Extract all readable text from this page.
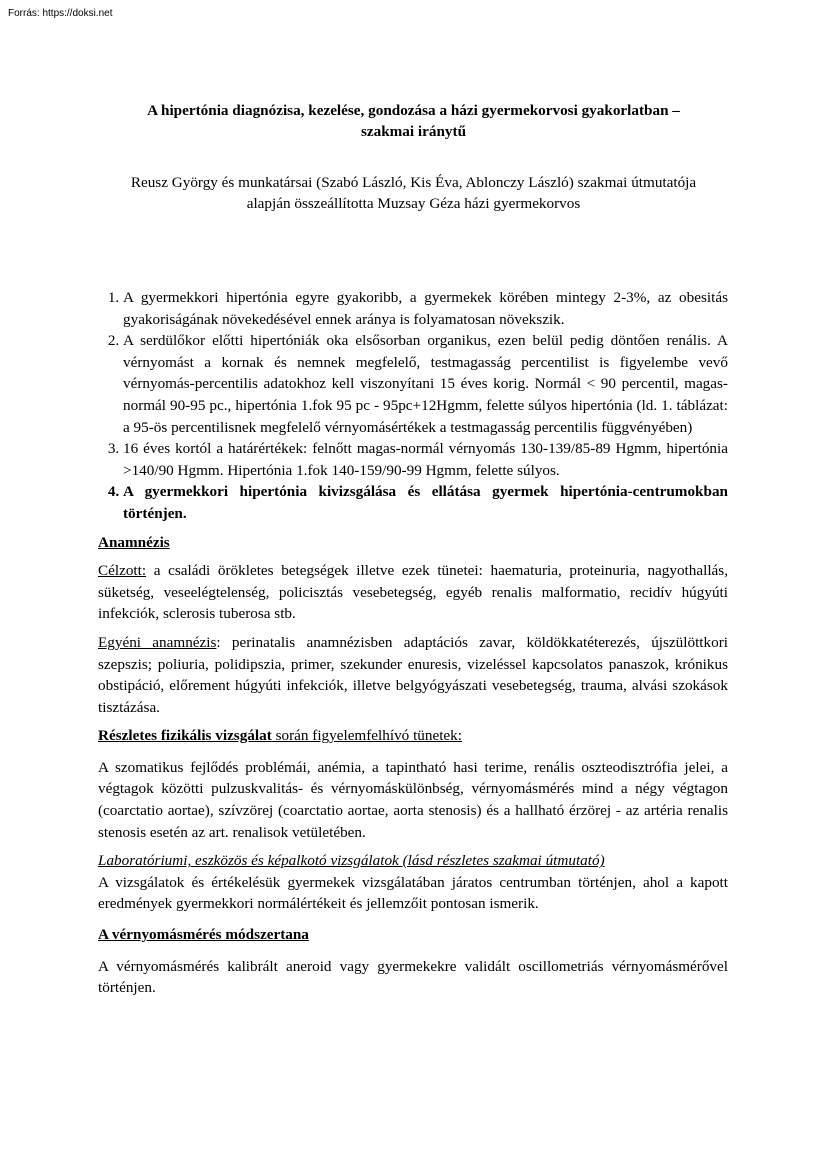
Forrás: https://doksi.net
A hipertónia diagnózisa, kezelése, gondozása a házi gyermekorvosi gyakorlatban –
szakmai iránytű
Reusz György és munkatársai (Szabó László, Kis Éva, Ablonczy László) szakmai útmutatója
alapján összeállította Muzsay Géza házi gyermekorvos
1. A gyermekkori hipertónia egyre gyakoribb, a gyermekek körében mintegy 2-3%, az obesitás gyakoriságának növekedésével ennek aránya is folyamatosan növekszik.
2. A serdülőkor előtti hipertóniák oka elsősorban organikus, ezen belül pedig döntően renális. A vérnyomást a kornak és nemnek megfelelő, testmagasság percentilist is figyelembe vevő vérnyomás-percentilis adatokhoz kell viszonyítani 15 éves korig. Normál < 90 percentil, magas-normál 90-95 pc., hipertónia 1.fok 95 pc - 95pc+12Hgmm, felette súlyos hipertónia (ld. 1. táblázat: a 95-ös percentilisnek megfelelő vérnyomásértékek a testmagasság percentilis függvényében)
3. 16 éves kortól a határértékek: felnőtt magas-normál vérnyomás 130-139/85-89 Hgmm, hipertónia >140/90 Hgmm. Hipertónia 1.fok 140-159/90-99 Hgmm, felette súlyos.
4. A gyermekkori hipertónia kivizsgálása és ellátása gyermek hipertónia-centrumokban történjen.

Anamnézis

Célzott: a családi örökletes betegségek illetve ezek tünetei: haematuria, proteinuria, nagyothallás, süketség, veseelégtelenség, policisztás vesebetegség, egyéb renalis malformatio, recidív húgyúti infekciók, sclerosis tuberosa stb.

Egyéni anamnézis: perinatalis anamnézisben adaptációs zavar, köldökkatéterezés, újszülöttkori szepszis; poliuria, polidipszia, primer, szekunder enuresis, vizeléssel kapcsolatos panaszok, krónikus obstipáció, előrement húgyúti infekciók, illetve belgyógyászati vesebetegség, trauma, alvási szokások tisztázása.

Részletes fizikális vizsgálat során figyelemfelhívó tünetek:

A szomatikus fejlődés problémái, anémia, a tapintható hasi terime, renális oszteodisztrófia jelei, a végtagok közötti pulzuskvalitás- és vérnyomáskülönbség, vérnyomásmérés mind a négy végtagon (coarctatio aortae), szívzörej (coarctatio aortae, aorta stenosis) és a hallható érzörej - az artéria renalis stenosis esetén az art. renalisok vetületében.

Laboratóriumi, eszközös és képalkotó vizsgálatok (lásd részletes szakmai útmutató)

A vizsgálatok és értékelésük gyermekek vizsgálatában járatos centrumban történjen, ahol a kapott eredmények gyermekkori normálértékeit és jellemzőit pontosan ismerik.

A vérnyomásmérés módszertana

A vérnyomásmérés kalibrált aneroid vagy gyermekekre validált oscillometriás vérnyomásmérővel történjen.
